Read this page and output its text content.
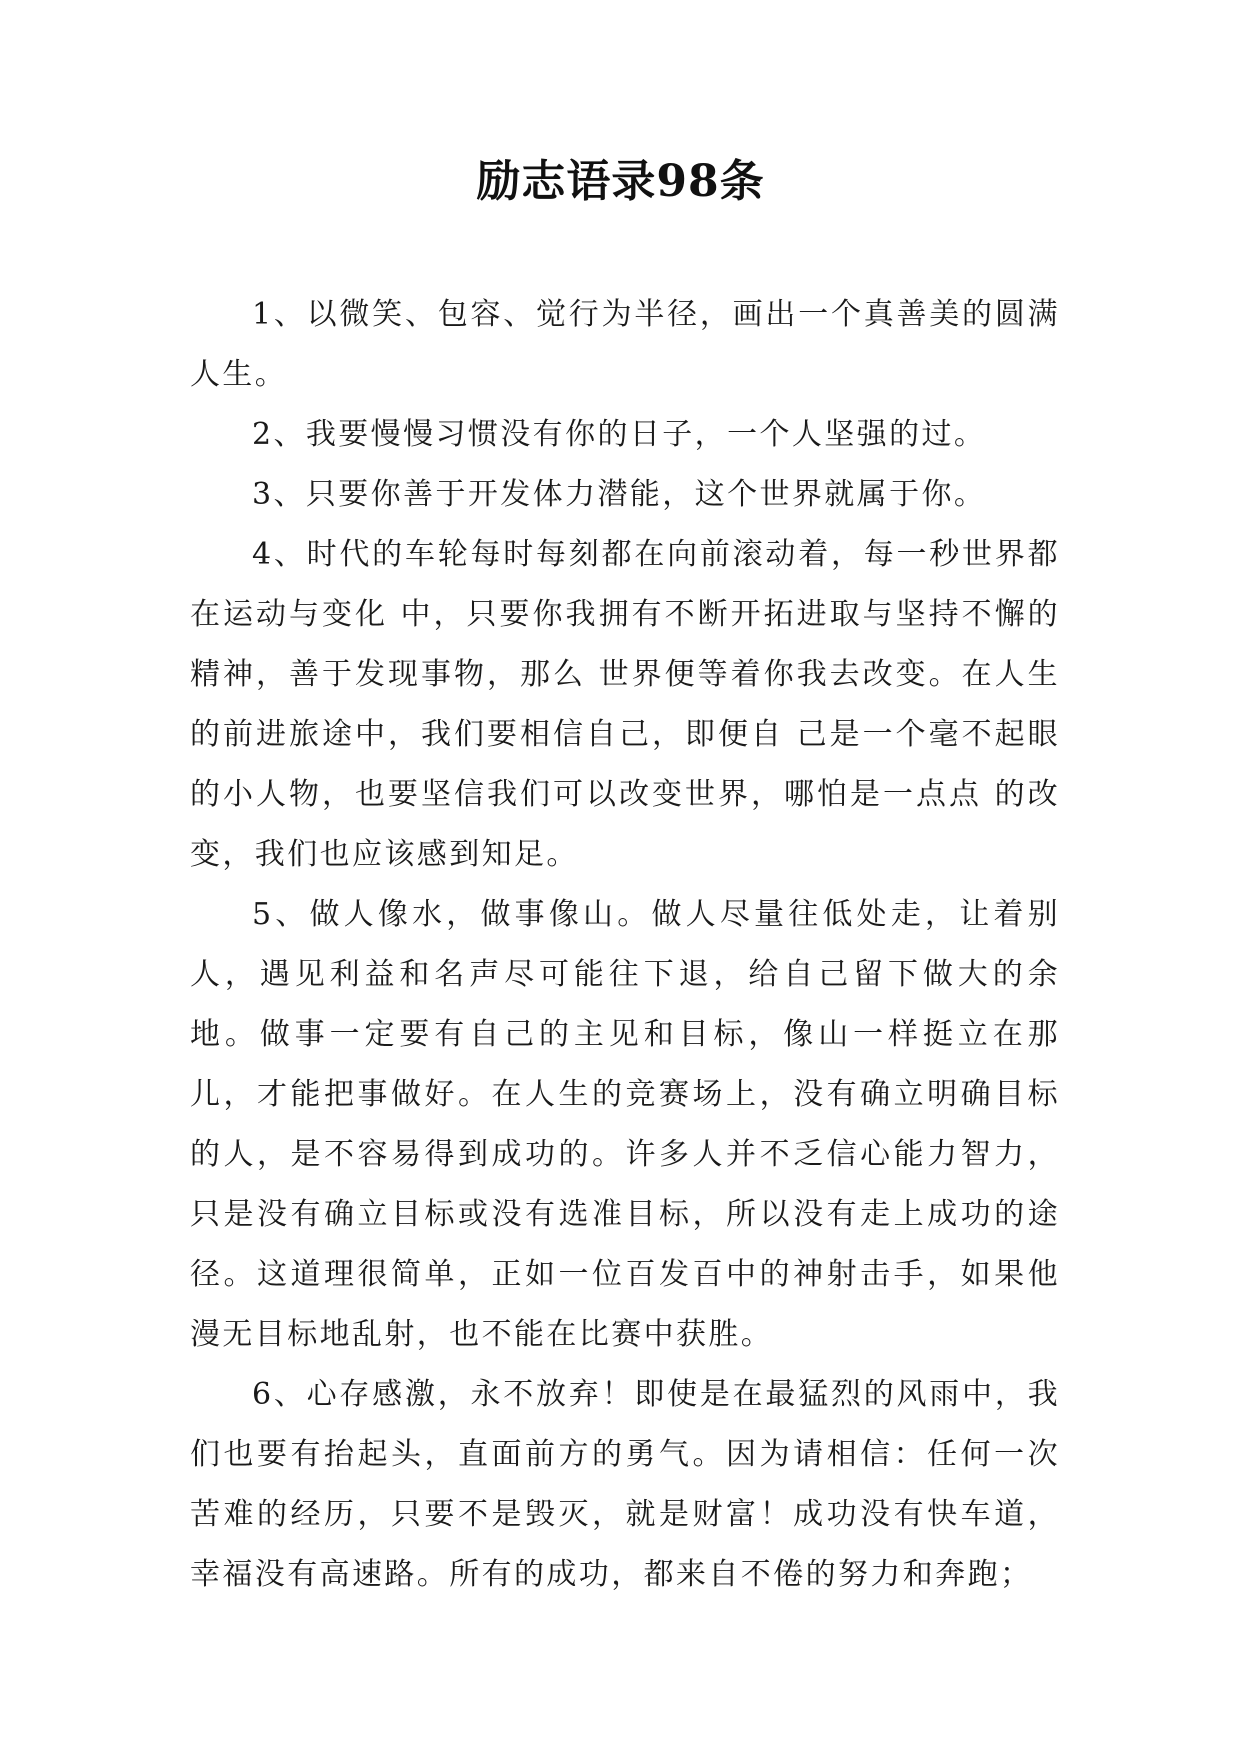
励志语录98条

1、以微笑、包容、觉行为半径，画出一个真善美的圆满人生。

2、我要慢慢习惯没有你的日子，一个人坚强的过。

3、只要你善于开发体力潜能，这个世界就属于你。

4、时代的车轮每时每刻都在向前滚动着，每一秒世界都在运动与变化 中，只要你我拥有不断开拓进取与坚持不懈的精神，善于发现事物，那么 世界便等着你我去改变。在人生的前进旅途中，我们要相信自己，即便自 己是一个毫不起眼的小人物，也要坚信我们可以改变世界，哪怕是一点点 的改变，我们也应该感到知足。

5、做人像水，做事像山。做人尽量往低处走，让着别人，遇见利益和名声尽可能往下退，给自己留下做大的余地。做事一定要有自己的主见和目标，像山一样挺立在那儿，才能把事做好。在人生的竞赛场上，没有确立明确目标的人，是不容易得到成功的。许多人并不乏信心能力智力，只是没有确立目标或没有选准目标，所以没有走上成功的途径。这道理很简单，正如一位百发百中的神射击手，如果他漫无目标地乱射，也不能在比赛中获胜。

6、心存感激，永不放弃！即使是在最猛烈的风雨中，我们也要有抬起头，直面前方的勇气。因为请相信：任何一次苦难的经历，只要不是毁灭，就是财富！成功没有快车道，幸福没有高速路。所有的成功，都来自不倦的努力和奔跑；
